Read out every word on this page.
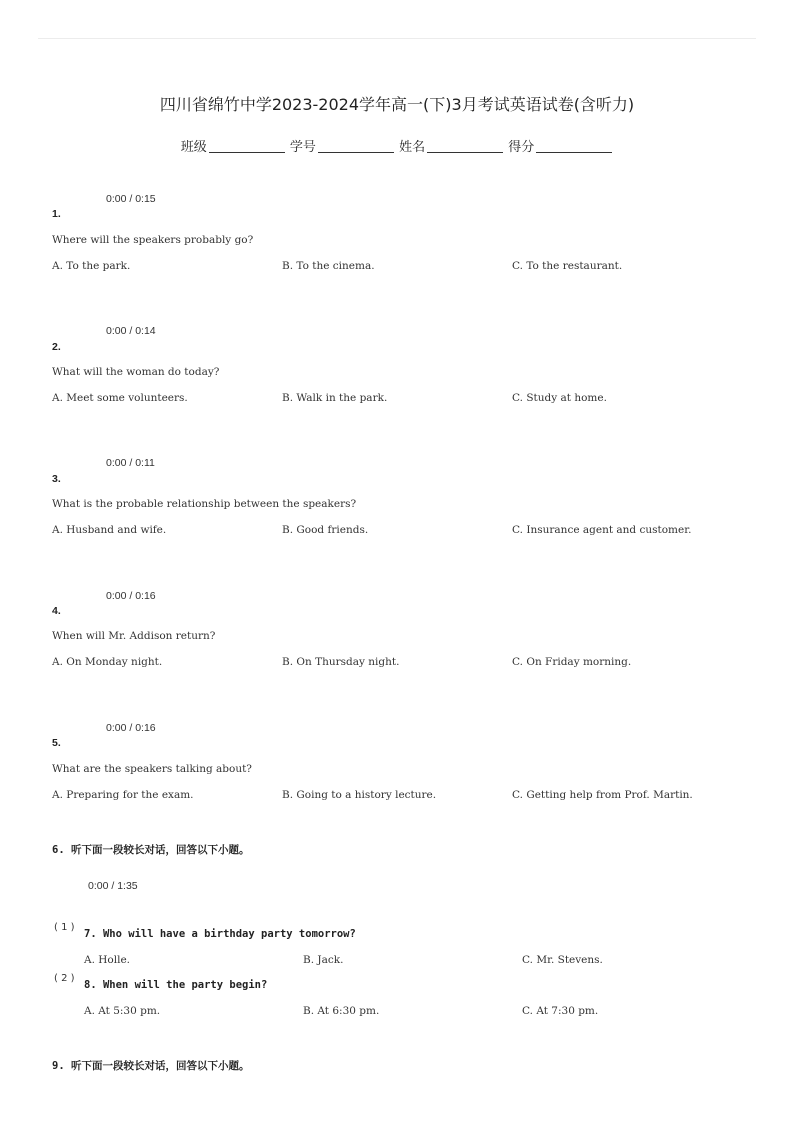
四川省绵竹中学2023-2024学年高一(下)3月考试英语试卷(含听力)
班级	学号	姓名	得分
0:00 / 0:15
1.
Where will the speakers probably go?
A. To the park.	B. To the cinema.	C. To the restaurant.
0:00 / 0:14
2.
What will the woman do today?
A. Meet some volunteers.	B. Walk in the park.	C. Study at home.
0:00 / 0:11
3.
What is the probable relationship between the speakers?
A. Husband and wife.	B. Good friends.	C. Insurance agent and customer.
0:00 / 0:16
4.
When will Mr. Addison return?
A. On Monday night.	B. On Thursday night.	C. On Friday morning.
0:00 / 0:16
5.
What are the speakers talking about?
A. Preparing for the exam.	B. Going to a history lecture.	C. Getting help from Prof. Martin.
6. 听下面一段较长对话，回答以下小题。
0:00 / 1:35
( 1 )
7. Who will have a birthday party tomorrow?
A. Holle.	B. Jack.	C. Mr. Stevens.
( 2 )
8. When will the party begin?
A. At 5:30 pm.	B. At 6:30 pm.	C. At 7:30 pm.
9. 听下面一段较长对话，回答以下小题。
